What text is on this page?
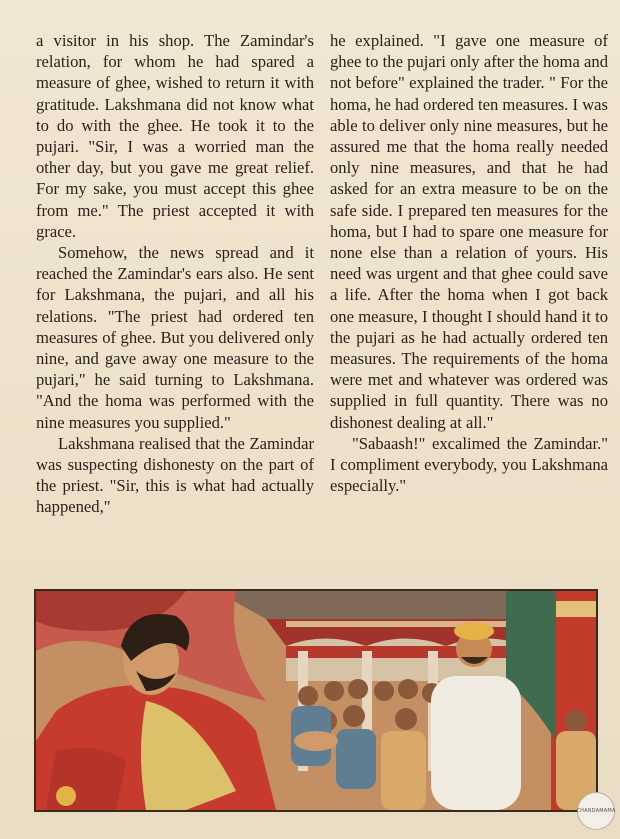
a visitor in his shop. The Zamindar's relation, for whom he had spared a measure of ghee, wished to return it with gratitude. Lakshmana did not know what to do with the ghee. He took it to the pujari. "Sir, I was a worried man the other day, but you gave me great relief. For my sake, you must accept this ghee from me." The priest accepted it with grace.

Somehow, the news spread and it reached the Zamindar's ears also. He sent for Lakshmana, the pujari, and all his relations. "The priest had ordered ten measures of ghee. But you delivered only nine, and gave away one measure to the pujari," he said turning to Lakshmana. "And the homa was performed with the nine measures you supplied."

Lakshmana realised that the Zamindar was suspecting dishonesty on the part of the priest. "Sir, this is what had actually happened,"

he explained. "I gave one measure of ghee to the pujari only after the homa and not before" explained the trader. " For the homa, he had ordered ten measures. I was able to deliver only nine measures, but he assured me that the homa really needed only nine measures, and that he had asked for an extra measure to be on the safe side. I prepared ten measures for the homa, but I had to spare one measure for none else than a relation of yours. His need was urgent and that ghee could save a life. After the homa when I got back one measure, I thought I should hand it to the pujari as he had actually ordered ten measures. The requirements of the homa were met and whatever was ordered was supplied in full quantity. There was no dishonest dealing at all."

"Sabaash!" excalimed the Zamindar." I compliment everybody, you Lakshmana especially."

CHANDAMAMA
